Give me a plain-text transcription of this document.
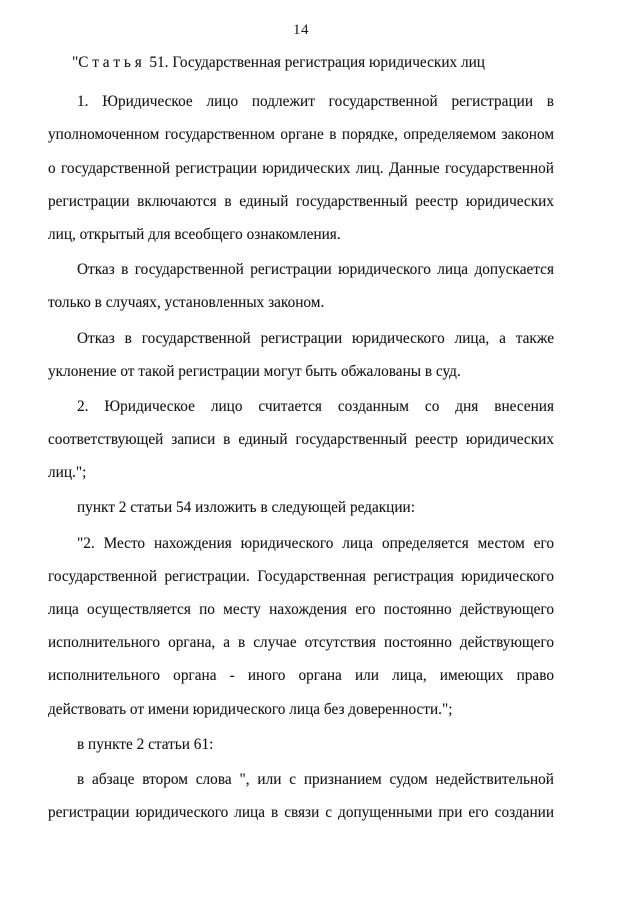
14
"С т а т ь я  51. Государственная регистрация юридических лиц
1. Юридическое лицо подлежит государственной регистрации в
уполномоченном государственном органе в порядке, определяемом законом
о государственной регистрации юридических лиц. Данные государственной
регистрации включаются в единый государственный реестр юридических
лиц, открытый для всеобщего ознакомления.
Отказ в государственной регистрации юридического лица допускается
только в случаях, установленных законом.
Отказ в государственной регистрации юридического лица, а также
уклонение от такой регистрации могут быть обжалованы в суд.
2. Юридическое лицо считается созданным со дня внесения
соответствующей записи в единый государственный реестр юридических
лиц.";
пункт 2 статьи 54 изложить в следующей редакции:
"2. Место нахождения юридического лица определяется местом его
государственной регистрации. Государственная регистрация юридического
лица осуществляется по месту нахождения его постоянно действующего
исполнительного органа, а в случае отсутствия постоянно действующего
исполнительного органа - иного органа или лица, имеющих право
действовать от имени юридического лица без доверенности.";
в пункте 2 статьи 61:
в абзаце втором слова ", или с признанием судом недействительной
регистрации юридического лица в связи с допущенными при его создании
